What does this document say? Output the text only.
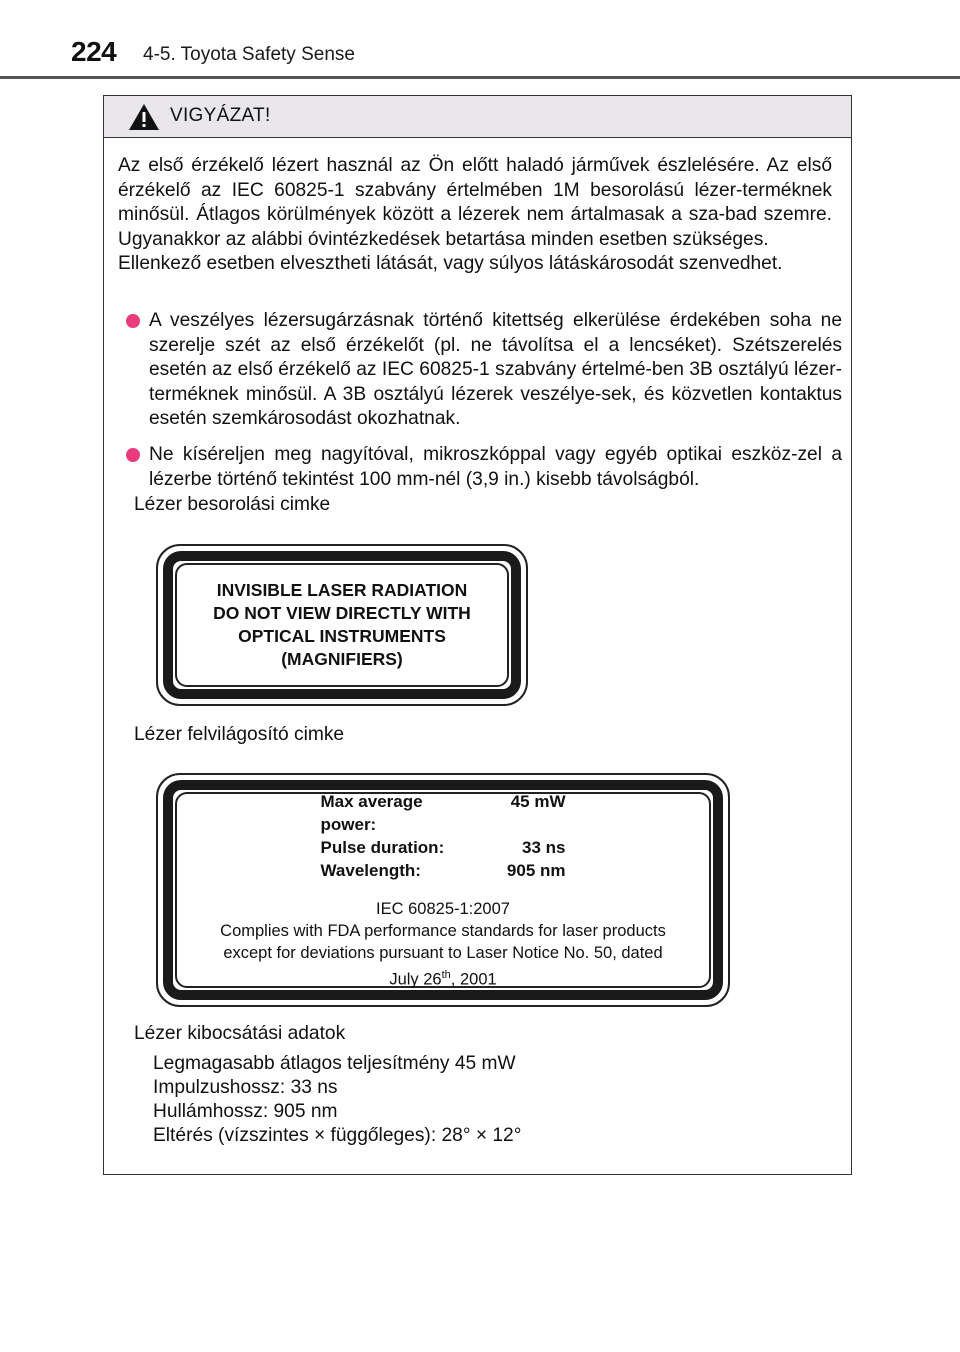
224 4-5. Toyota Safety Sense
VIGYÁZAT!

Az első érzékelő lézert használ az Ön előtt haladó járművek észlelésére. Az első érzékelő az IEC 60825-1 szabvány értelmében 1M besorolású lézer-terméknek minősül. Átlagos körülmények között a lézerek nem ártalmasak a sza-bad szemre. Ugyanakkor az alábbi óvintézkedések betartása minden esetben szükséges.

Ellenkező esetben elvesztheti látását, vagy súlyos látáskárosodát szenvedhet.

A veszélyes lézersugárzásnak történő kitettség elkerülése érdekében soha ne szerelje szét az első érzékelőt (pl. ne távolítsa el a lencséket). Szétszerelés esetén az első érzékelő az IEC 60825-1 szabvány értelmé-ben 3B osztályú lézer-terméknek minősül. A 3B osztályú lézerek veszélye-sek, és közvetlen kontaktus esetén szemkárosodást okozhatnak.
Ne kíséreljen meg nagyítóval, mikroszkóppal vagy egyéb optikai eszköz-zel a lézerbe történő tekintést 100 mm-nél (3,9 in.) kisebb távolságból.
Lézer besorolási cimke
INVISIBLE LASER RADIATION
DO NOT VIEW DIRECTLY WITH
OPTICAL INSTRUMENTS
(MAGNIFIERS)
Lézer felvilágosító cimke
Max average power:
45 mW
Pulse duration:	33 ns
Wavelength:	905 nm
IEC 60825-1:2007
Complies with FDA performance standards for laser products
except for deviations pursuant to Laser Notice No. 50, dated
July 26th, 2001
Lézer kibocsátási adatok
Legmagasabb átlagos teljesítmény 45 mW
Impulzushossz: 33 ns
Hullámhossz: 905 nm
Eltérés (vízszintes × függőleges): 28° × 12°
